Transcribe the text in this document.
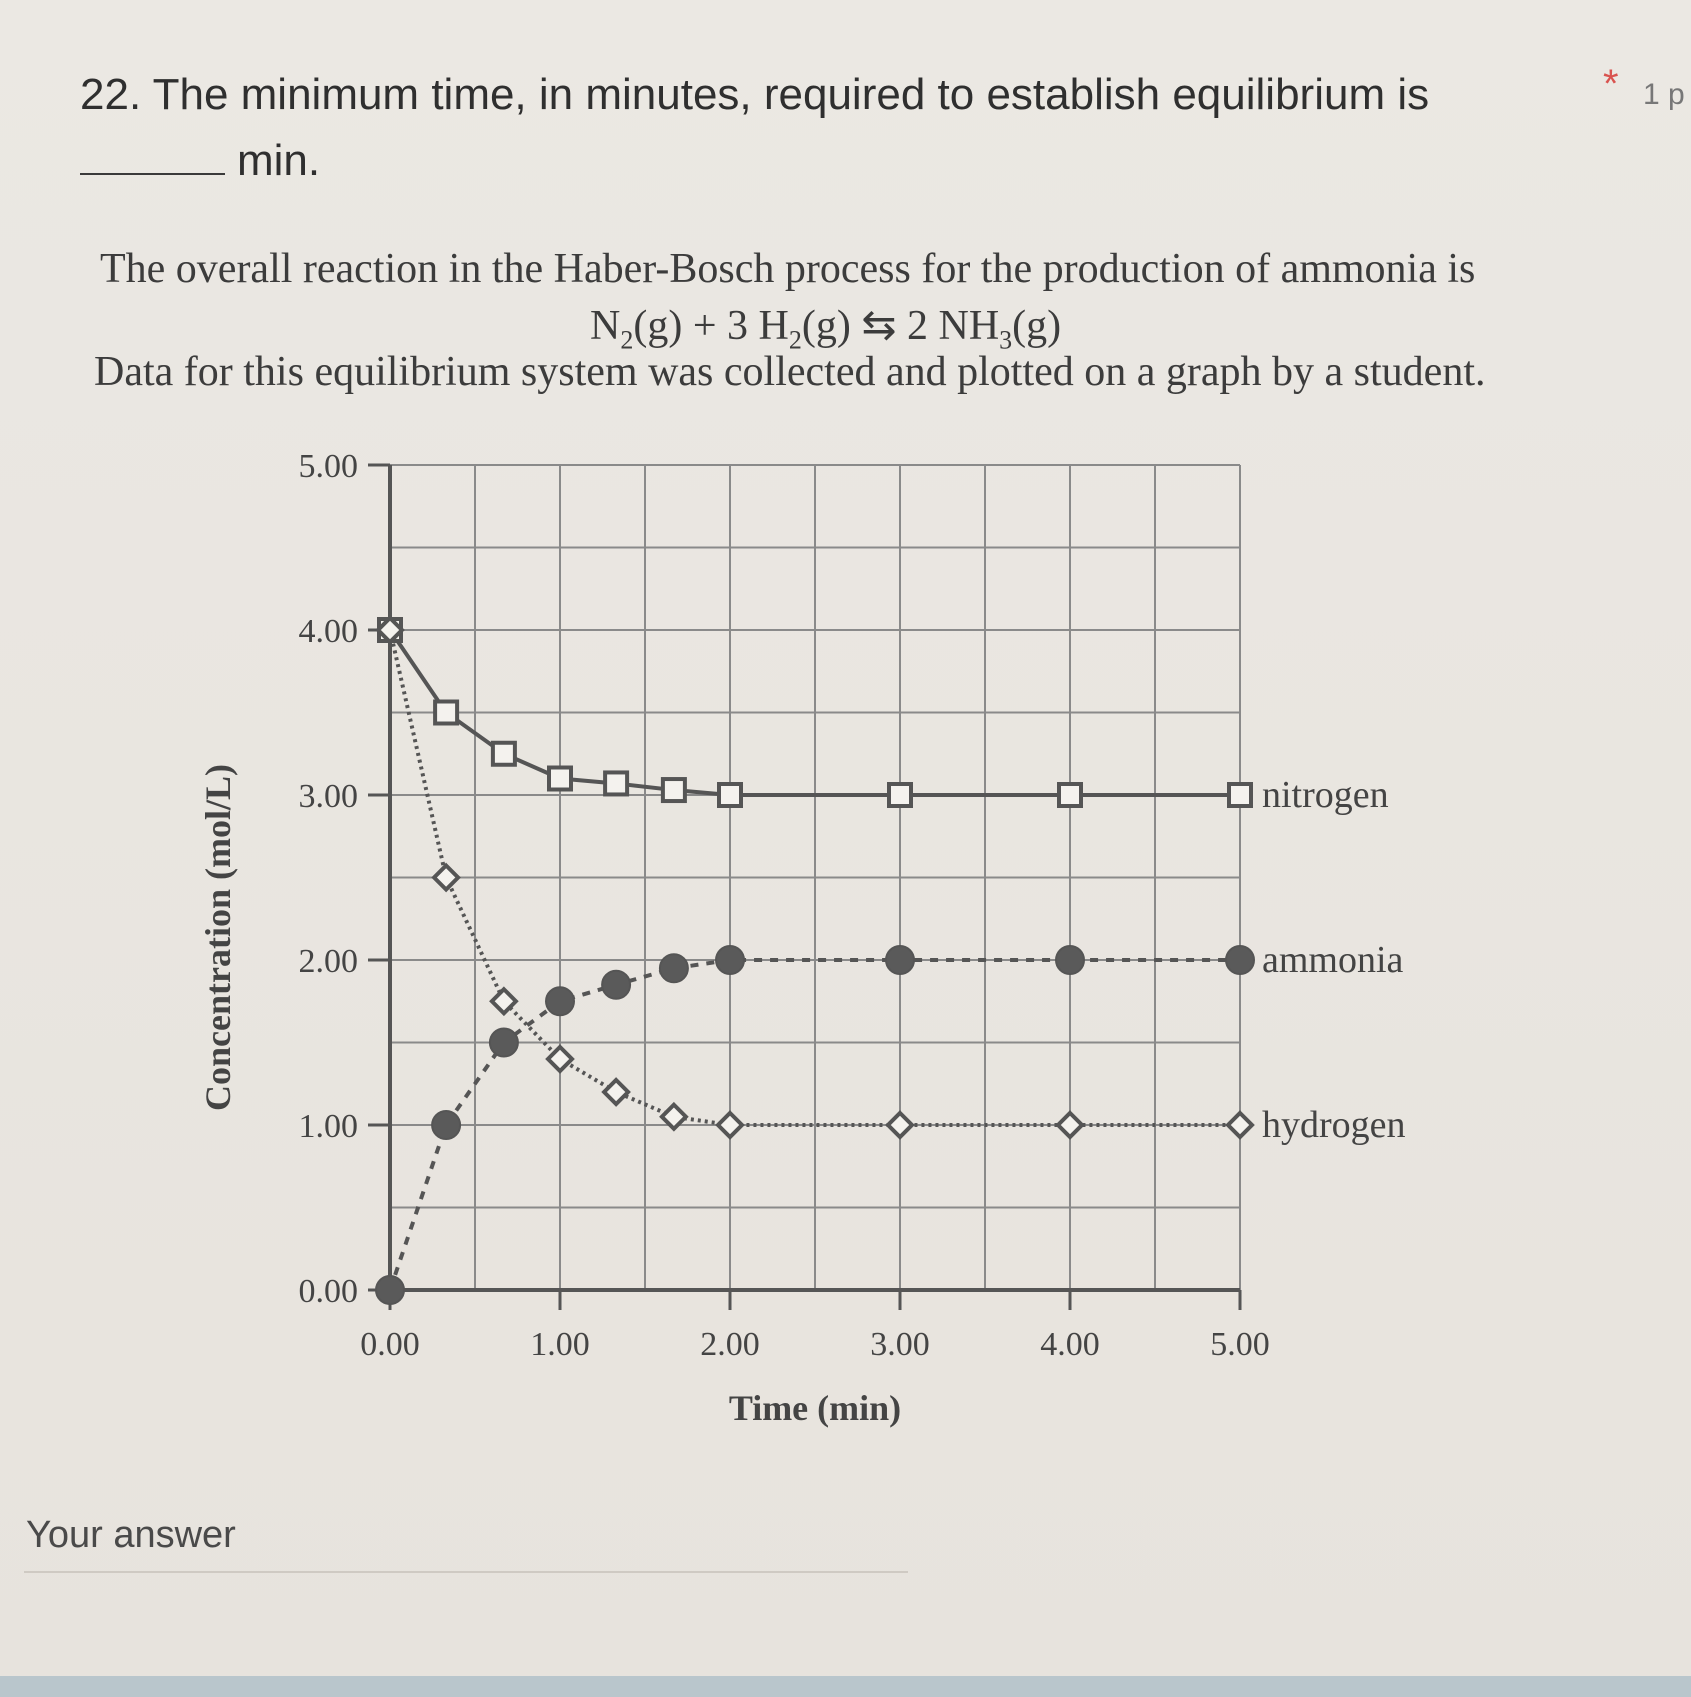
22. The minimum time, in minutes, required to establish equilibrium is
min.
* 1 p
The overall reaction in the Haber-Bosch process for the production of ammonia is
$N_2(g) + 3$ $H_2(g)$ ⇆ 2 $NH_3(g)$
Data for this equilibrium system was collected and plotted on a graph by a student.
0.00
1.00
2.00
3.00
4.00
5.00
0.00	1.00	2.00	3.00	4.00	5.00
Time (min)
Concentration (mol/L)	nitrogen
ammonia
hydrogen
Your answer
